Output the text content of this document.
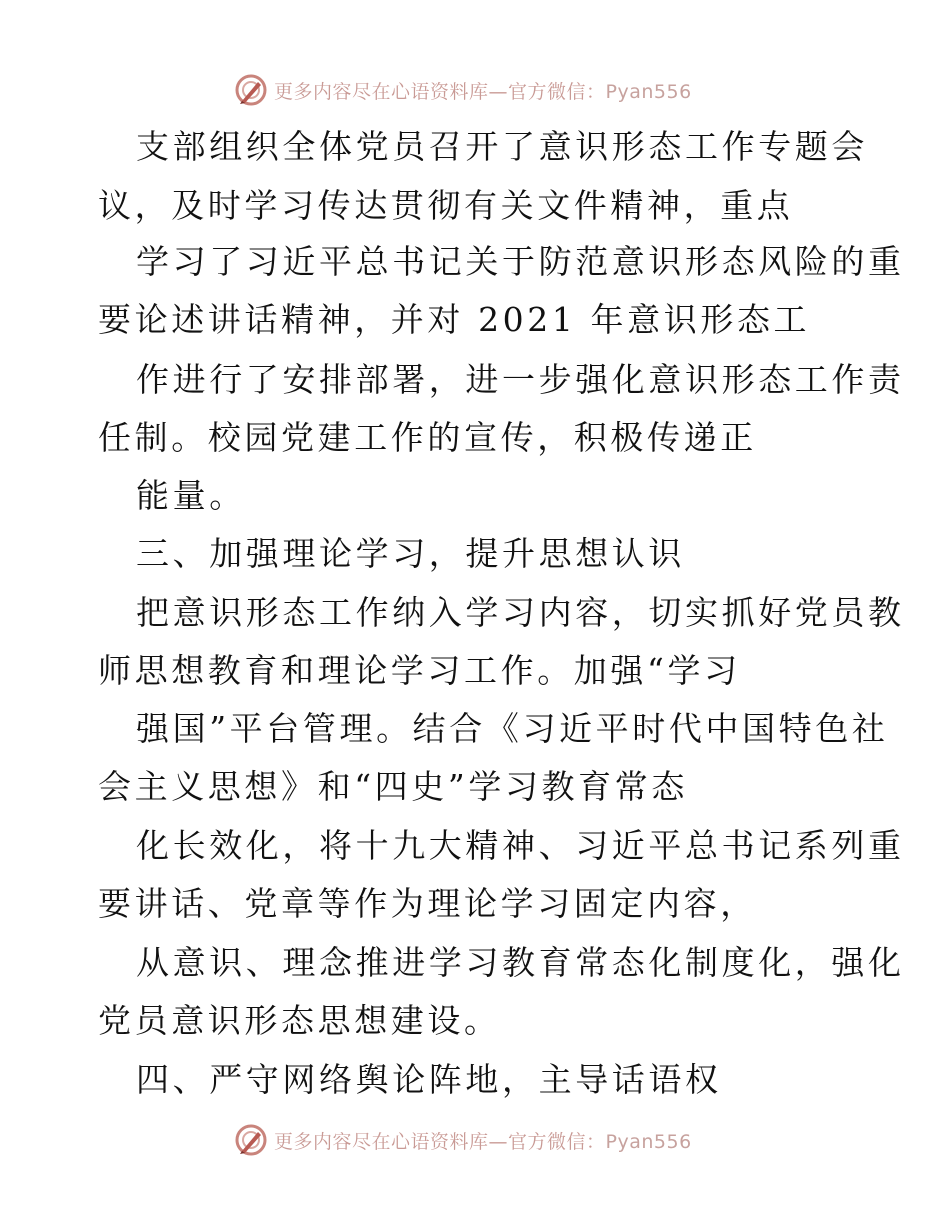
更多内容尽在心语资料库—官方微信：Pyan556
支部组织全体党员召开了意识形态工作专题会
议，及时学习传达贯彻有关文件精神，重点
学习了习近平总书记关于防范意识形态风险的重
要论述讲话精神，并对 2021 年意识形态工
作进行了安排部署，进一步强化意识形态工作责
任制。校园党建工作的宣传，积极传递正
能量。
三、加强理论学习，提升思想认识
把意识形态工作纳入学习内容，切实抓好党员教
师思想教育和理论学习工作。加强“学习
强国”平台管理。结合《习近平时代中国特色社
会主义思想》和“四史”学习教育常态
化长效化，将十九大精神、习近平总书记系列重
要讲话、党章等作为理论学习固定内容，
从意识、理念推进学习教育常态化制度化，强化
党员意识形态思想建设。
四、严守网络舆论阵地，主导话语权
更多内容尽在心语资料库—官方微信：Pyan556
